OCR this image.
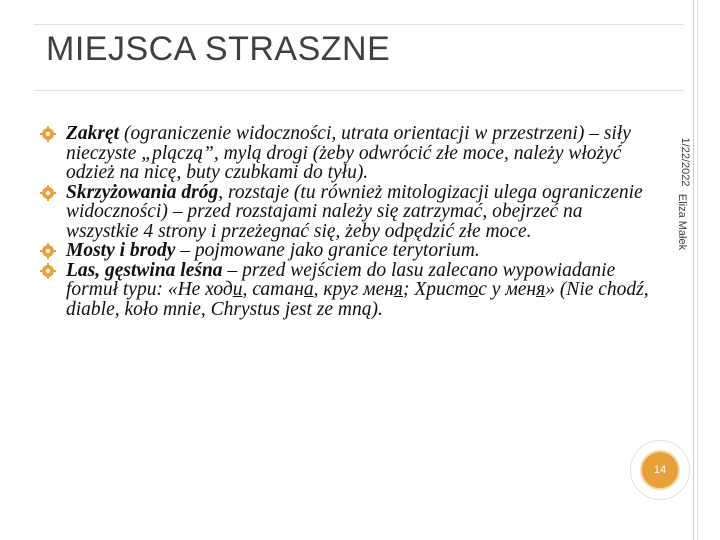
MIEJSCA STRASZNE
1/22/2022
Eliza Małek
Zakręt (ograniczenie widoczności, utrata orientacji w przestrzeni) – siły nieczyste „plączą”, mylą drogi (żeby odwrócić złe moce, należy włożyć odzież na nicę, buty czubkami do tyłu).
Skrzyżowania dróg, rozstaje (tu również mitologizacji ulega ograniczenie widoczności) – przed rozstajami należy się zatrzymać, obejrzeć na wszystkie 4 strony i przeżegnać się, żeby odpędzić złe moce.
Mosty i brody – pojmowane jako granice terytorium.
Las, gęstwina leśna – przed wejściem do lasu zalecano wypowiadanie formuł typu: «Не ходи, сатана, круг меня; Христос у меня» (Nie chodź, diable, koło mnie, Chrystus jest ze mną).
14
